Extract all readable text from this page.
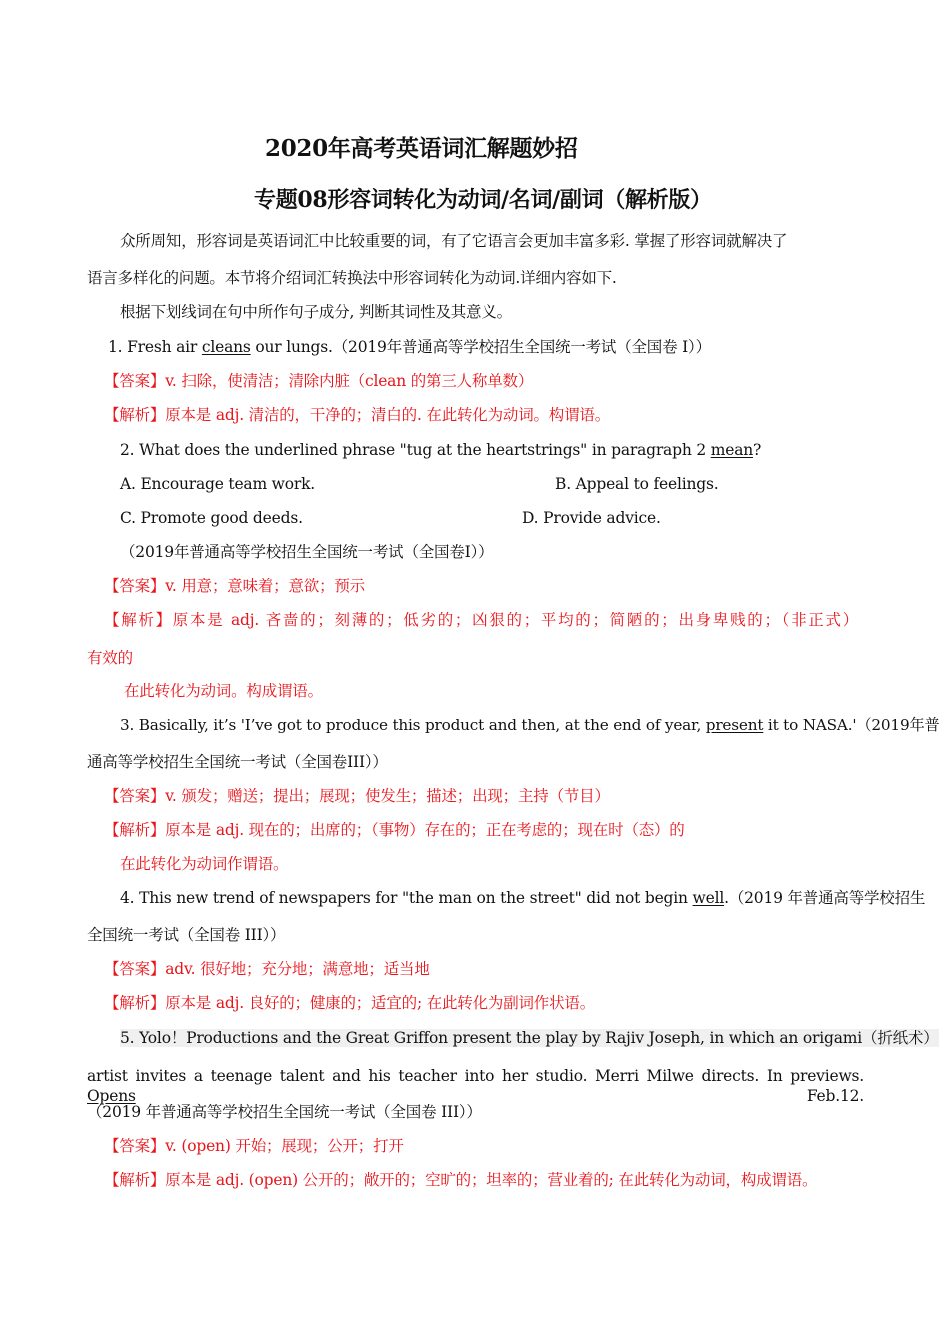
2020年高考英语词汇解题妙招
专题08形容词转化为动词/名词/副词（解析版）
众所周知，形容词是英语词汇中比较重要的词，有了它语言会更加丰富多彩. 掌握了形容词就解决了
语言多样化的问题。本节将介绍词汇转换法中形容词转化为动词.详细内容如下.
根据下划线词在句中所作句子成分, 判断其词性及其意义。
1. Fresh air cleans our lungs.（2019年普通高等学校招生全国统一考试（全国卷 I））
【答案】v. 扫除，使清洁；清除内脏（clean 的第三人称单数）
【解析】原本是 adj. 清洁的，干净的；清白的. 在此转化为动词。构谓语。
2. What does the underlined phrase "tug at the heartstrings" in paragraph 2 mean?
A. Encourage team work.	B. Appeal to feelings.
C. Promote good deeds.	D. Provide advice.
（2019年普通高等学校招生全国统一考试（全国卷I））
【答案】v. 用意；意味着；意欲；预示
【解析】原本是 adj. 吝啬的；刻薄的；低劣的；凶狠的；平均的；简陋的；出身卑贱的；（非正式）
有效的
在此转化为动词。构成谓语。
3. Basically, it’s 'I’ve got to produce this product and then, at the end of year, present it to NASA.'（2019年普
通高等学校招生全国统一考试（全国卷III））
【答案】v. 颁发；赠送；提出；展现；使发生；描述；出现；主持（节目）
【解析】原本是 adj. 现在的；出席的；（事物）存在的；正在考虑的；现在时（态）的
在此转化为动词作谓语。
4. This new trend of newspapers for "the man on the street" did not begin well.（2019 年普通高等学校招生
全国统一考试（全国卷 III））
【答案】adv. 很好地；充分地；满意地；适当地
【解析】原本是 adj. 良好的；健康的；适宜的; 在此转化为副词作状语。
5. Yolo！Productions and the Great Griffon present the play by Rajiv Joseph, in which an origami（折纸术）
artist invites a teenage talent and his teacher into her studio. Merri Milwe directs. In previews. Opens Feb.12.
（2019 年普通高等学校招生全国统一考试（全国卷 III））
【答案】v. (open) 开始；展现；公开；打开
【解析】原本是 adj. (open) 公开的；敞开的；空旷的；坦率的；营业着的; 在此转化为动词，构成谓语。
